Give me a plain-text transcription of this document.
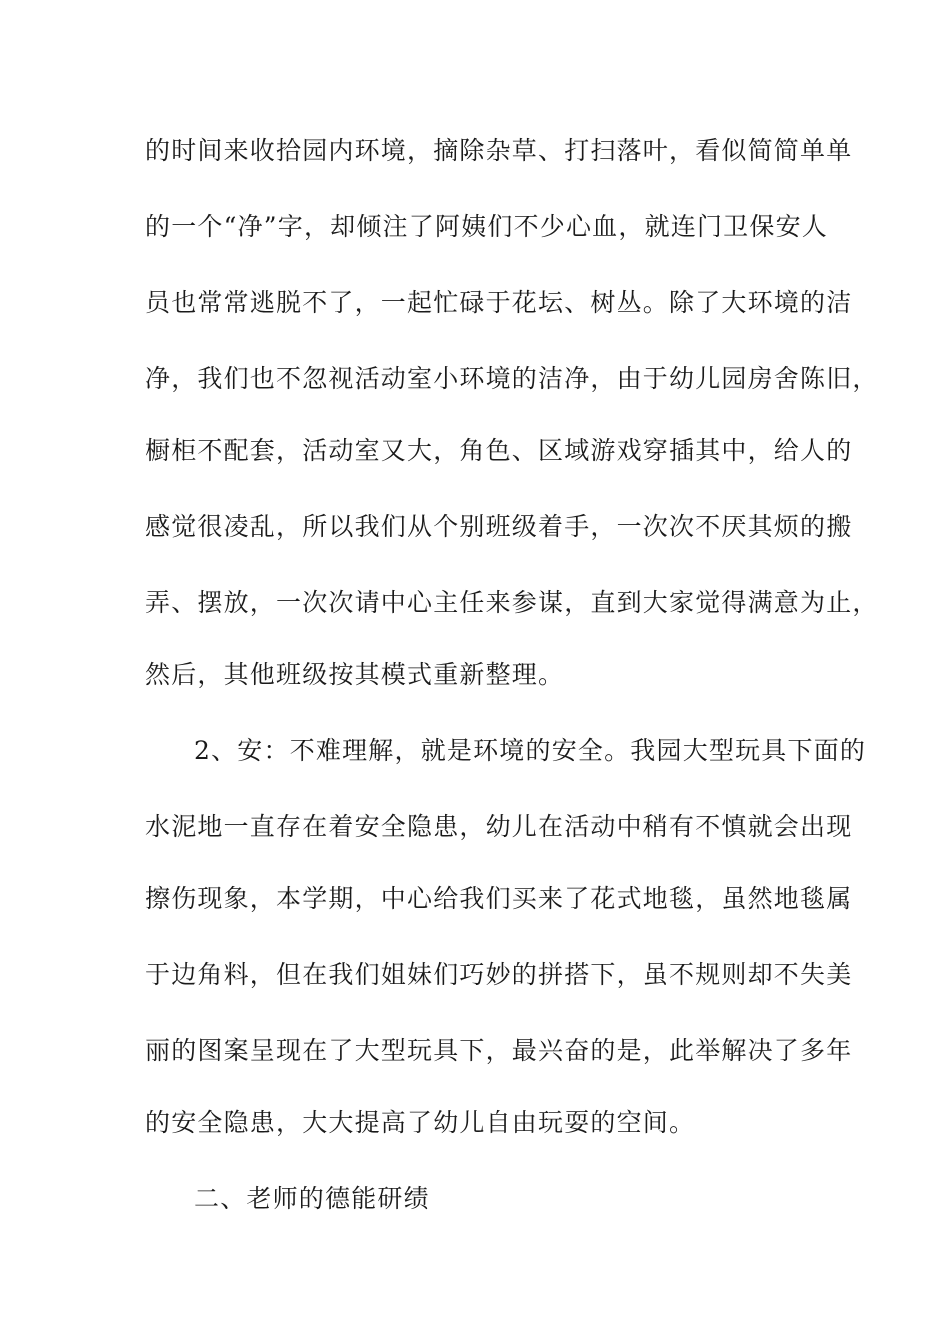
的时间来收拾园内环境，摘除杂草、打扫落叶，看似简简单单
的一个“净”字，却倾注了阿姨们不少心血，就连门卫保安人
员也常常逃脱不了，一起忙碌于花坛、树丛。除了大环境的洁
净，我们也不忽视活动室小环境的洁净，由于幼儿园房舍陈旧，
橱柜不配套，活动室又大，角色、区域游戏穿插其中，给人的
感觉很凌乱，所以我们从个别班级着手，一次次不厌其烦的搬
弄、摆放，一次次请中心主任来参谋，直到大家觉得满意为止，
然后，其他班级按其模式重新整理。
2、安：不难理解，就是环境的安全。我园大型玩具下面的
水泥地一直存在着安全隐患，幼儿在活动中稍有不慎就会出现
擦伤现象，本学期，中心给我们买来了花式地毯，虽然地毯属
于边角料，但在我们姐妹们巧妙的拼搭下，虽不规则却不失美
丽的图案呈现在了大型玩具下，最兴奋的是，此举解决了多年
的安全隐患，大大提高了幼儿自由玩耍的空间。
二、老师的德能研绩
